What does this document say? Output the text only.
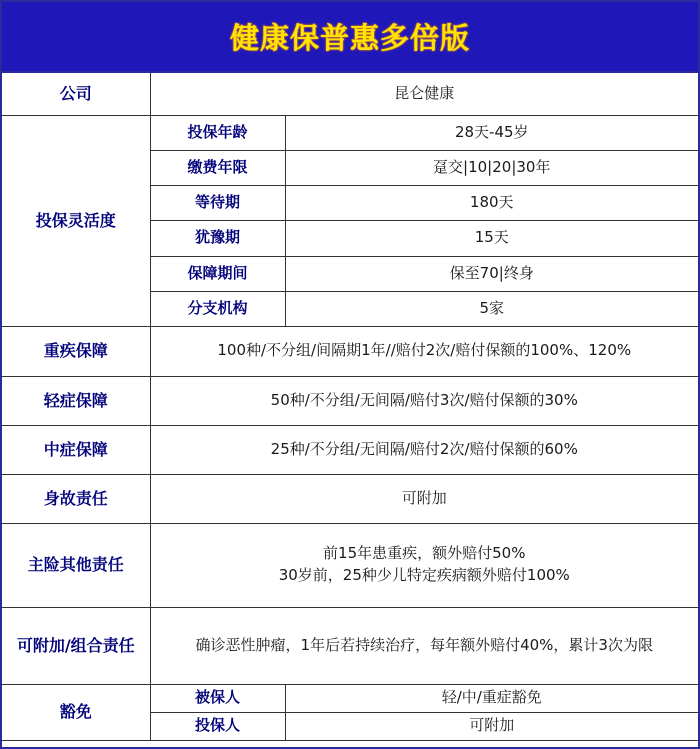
健康保普惠多倍版
公司	昆仑健康	
投保灵活度	投保年龄	28天-45岁
	缴费年限	趸交|10|20|30年
	等待期	180天
	犹豫期	15天
	保障期间	保至70|终身
	分支机构	5家
重疾保障	100种/不分组/间隔期1年//赔付2次/赔付保额的100%、120%	
轻症保障	50种/不分组/无间隔/赔付3次/赔付保额的30%	
中症保障	25种/不分组/无间隔/赔付2次/赔付保额的60%	
身故责任	可附加	
主险其他责任	前15年患重疾，额外赔付50%
30岁前，25种少儿特定疾病额外赔付100%	

可附加/组合责任	确诊恶性肿瘤，1年后若持续治疗，每年额外赔付40%，累计3次为限	
豁免	被保人	轻/中/重症豁免
	投保人	可附加
